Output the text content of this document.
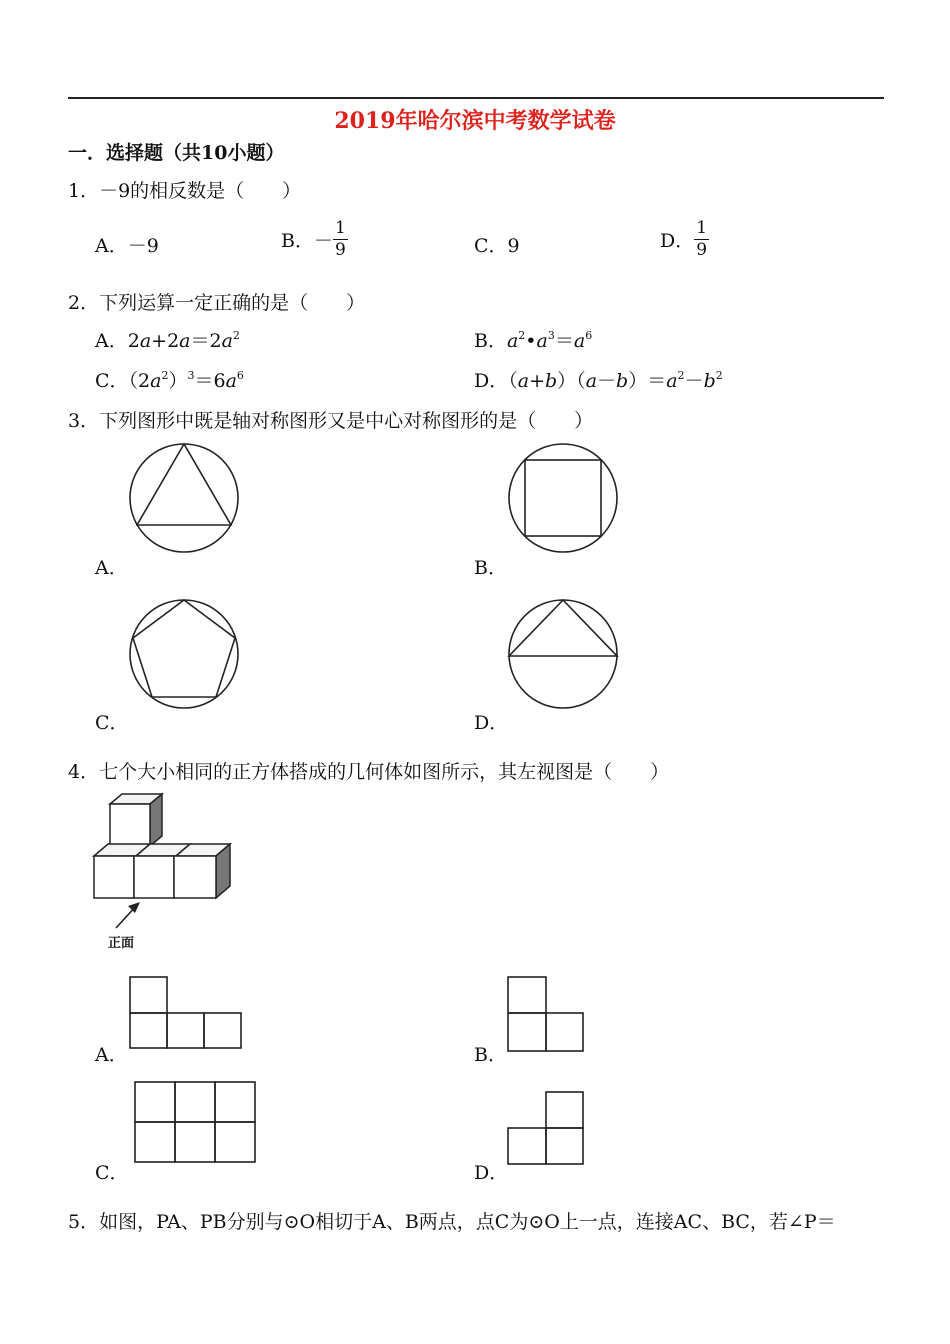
2019年哈尔滨中考数学试卷
一．选择题（共10小题）
1．－9的相反数是（　　）
A．－9	B．－ $\frac{1}{9}$	C．9	D． $\frac{1}{9}$
2．下列运算一定正确的是（　　）
A．$2a+2a=2a^2$	B．$a^2•a^3=a^6$
C．$(2a^2)^3=6a^6$	D．$(a+b)(a-b)=a^2-b^2$
3．下列图形中既是轴对称图形又是中心对称图形的是（　　）
A．	B．
C．	D．
4．七个大小相同的正方体搭成的几何体如图所示，其左视图是（　　）
正面
A．	B．
C．	D．
5．如图，PA、PB分别与⊙O相切于A、B两点，点C为⊙O上一点，连接AC、BC，若∠P＝
